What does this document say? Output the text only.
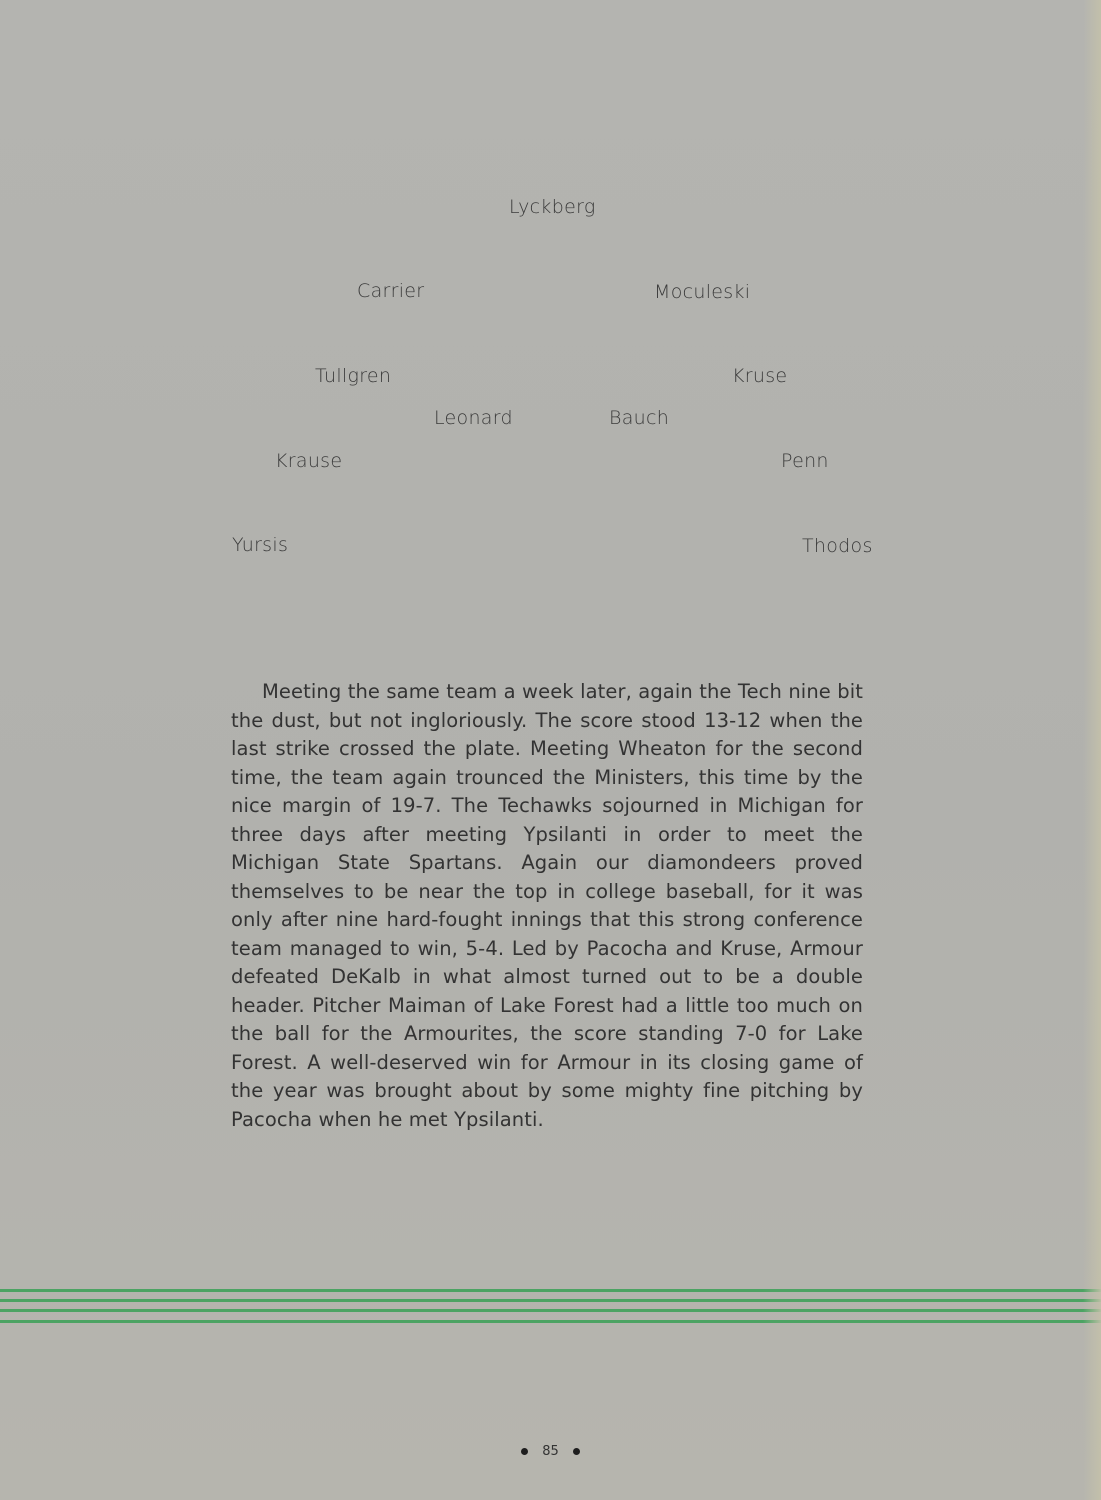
Lyckberg
Carrier	Moculeski
Tullgren	Kruse
Leonard	Bauch
Krause	Penn
Yursis	Thodos

Meeting the same team a week later, again the Tech nine bit the dust, but not ingloriously. The score stood 13-12 when the last strike crossed the plate. Meeting Wheaton for the second time, the team again trounced the Ministers, this time by the nice margin of 19-7. The Techawks sojourned in Michigan for three days after meeting Ypsilanti in order to meet the Michigan State Spartans. Again our diamondeers proved themselves to be near the top in college baseball, for it was only after nine hard-fought innings that this strong conference team managed to win, 5-4. Led by Pacocha and Kruse, Armour defeated DeKalb in what almost turned out to be a double header. Pitcher Maiman of Lake Forest had a little too much on the ball for the Armourites, the score standing 7-0 for Lake Forest. A well-deserved win for Armour in its closing game of the year was brought about by some mighty fine pitching by Pacocha when he met Ypsilanti.

85
